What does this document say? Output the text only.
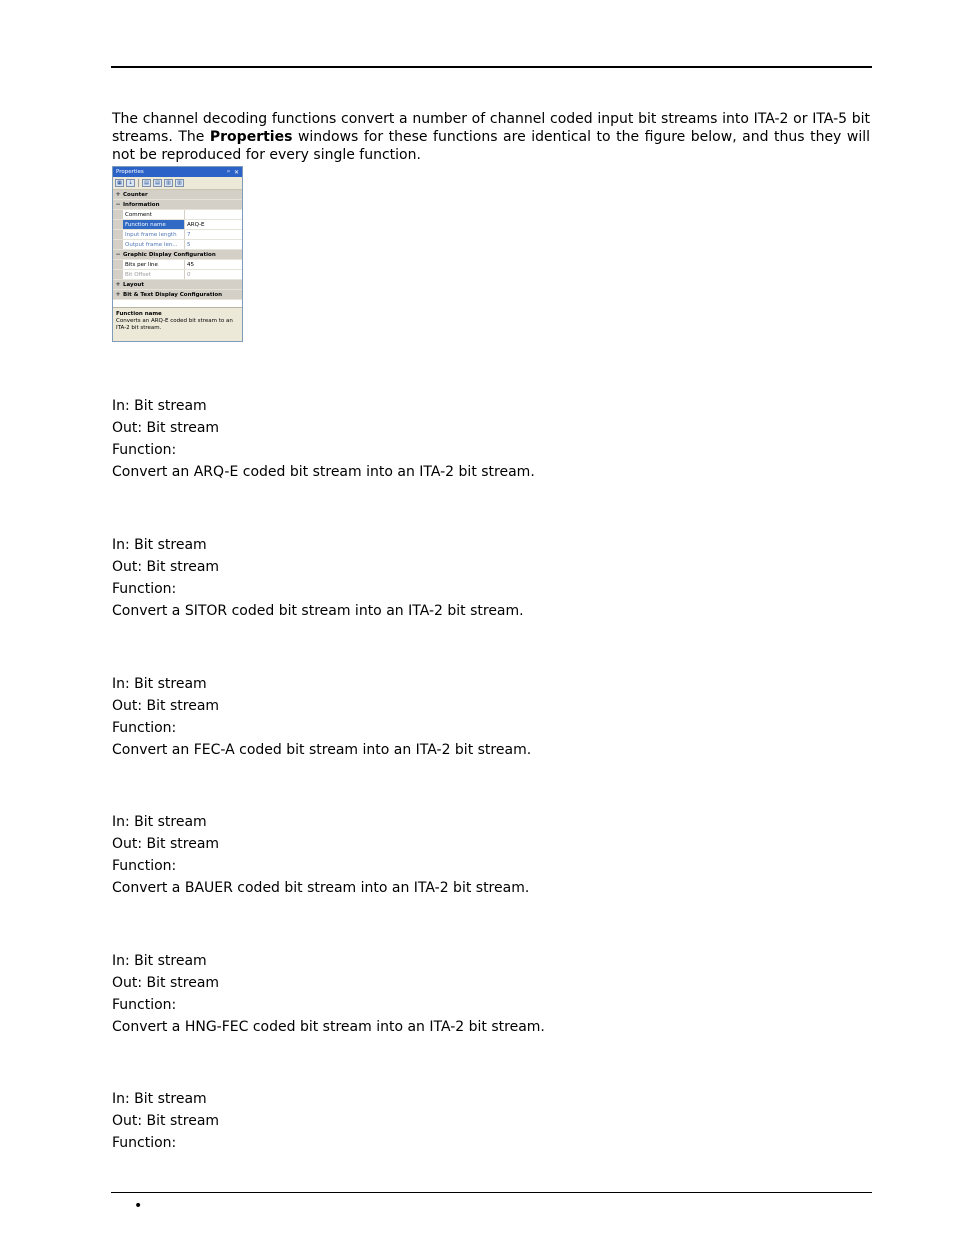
The channel decoding functions convert a number of channel coded input bit streams into ITA-2 or ITA-5 bit streams. The Properties windows for these functions are identical to the figure below, and thus they will not be reproduced for every single function.

Properties	ᵖ ✕
▦	↓	▤	▤	▥	▥
+ Counter
− Information
Comment
Function name	ARQ-E
Input frame length	7
Output frame len...	5
− Graphic Display Configuration
Bits per line	45
Bit Offset	0
+ Layout
+ Bit & Text Display Configuration
Function name
Converts an ARQ-E coded bit stream to an ITA-2 bit stream.
In: Bit stream
Out: Bit stream
Function:
Convert an ARQ-E coded bit stream into an ITA-2 bit stream.
In: Bit stream
Out: Bit stream
Function:
Convert a SITOR coded bit stream into an ITA-2 bit stream.
In: Bit stream
Out: Bit stream
Function:
Convert an FEC-A coded bit stream into an ITA-2 bit stream.
In: Bit stream
Out: Bit stream
Function:
Convert a BAUER coded bit stream into an ITA-2 bit stream.
In: Bit stream
Out: Bit stream
Function:
Convert a HNG-FEC coded bit stream into an ITA-2 bit stream.
In: Bit stream
Out: Bit stream
Function:
•
